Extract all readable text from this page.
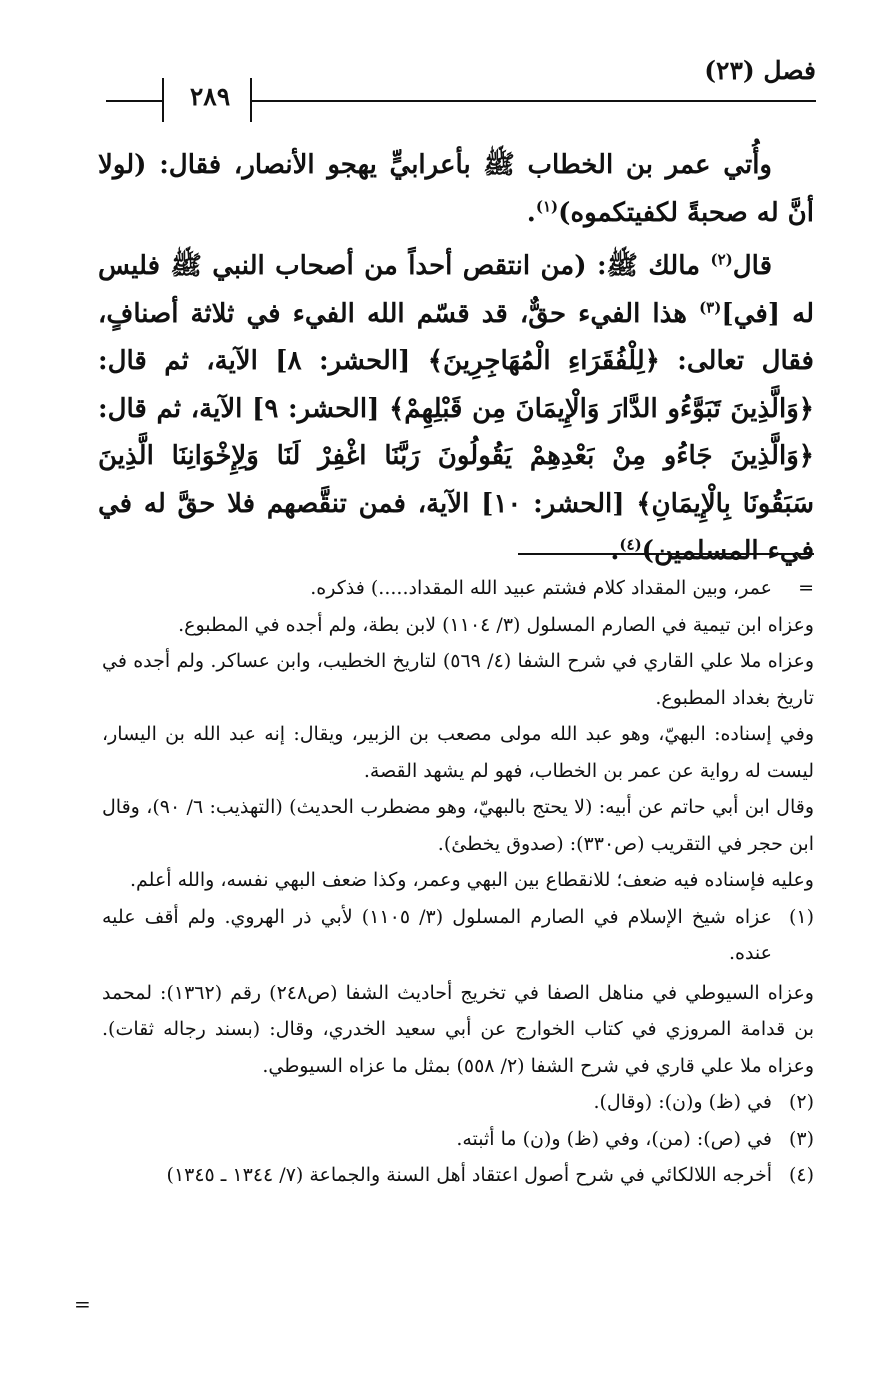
فصل (٢٣)
٢٨٩

وأُتي عمر بن الخطاب ﷺ بأعرابيٍّ يهجو الأنصار، فقال: (لولا أنَّ له صحبةً لكفيتكموه)$^{(١)}$.

قال$^{(٢)}$ مالك ﷺ: (من انتقص أحداً من أصحاب النبي ﷺ فليس له [في]$^{(٣)}$ هذا الفيء حقٌّ، قد قسّم الله الفيء في ثلاثة أصنافٍ، فقال تعالى: ﴿لِلْفُقَرَاءِ الْمُهَاجِرِينَ﴾ [الحشر: ٨] الآية، ثم قال: ﴿وَالَّذِينَ تَبَوَّءُو الدَّارَ وَالْإِيمَانَ مِن قَبْلِهِمْ﴾ [الحشر: ٩] الآية، ثم قال: ﴿وَالَّذِينَ جَاءُو مِنْ بَعْدِهِمْ يَقُولُونَ رَبَّنَا اغْفِرْ لَنَا وَلِإِخْوَانِنَا الَّذِينَ سَبَقُونَا بِالْإِيمَانِ﴾ [الحشر: ١٠] الآية، فمن تنقَّصهم فلا حقَّ له في فيء المسلمين)$^{(٤)}$.

=
عمر، وبين المقداد كلام فشتم عبيد الله المقداد.....) فذكره.
وعزاه ابن تيمية في الصارم المسلول (٣/ ١١٠٤) لابن بطة، ولم أجده في المطبوع.
وعزاه ملا علي القاري في شرح الشفا (٤/ ٥٦٩) لتاريخ الخطيب، وابن عساكر. ولم أجده في تاريخ بغداد المطبوع.
وفي إسناده: البهيّ، وهو عبد الله مولى مصعب بن الزبير، ويقال: إنه عبد الله بن اليسار، ليست له رواية عن عمر بن الخطاب، فهو لم يشهد القصة.
وقال ابن أبي حاتم عن أبيه: (لا يحتج بالبهيّ، وهو مضطرب الحديث) (التهذيب: ٦/ ٩٠)، وقال ابن حجر في التقريب (ص٣٣٠): (صدوق يخطئ).
وعليه فإسناده فيه ضعف؛ للانقطاع بين البهي وعمر، وكذا ضعف البهي نفسه، والله أعلم.
(١)
عزاه شيخ الإسلام في الصارم المسلول (٣/ ١١٠٥) لأبي ذر الهروي. ولم أقف عليه عنده.
وعزاه السيوطي في مناهل الصفا في تخريج أحاديث الشفا (ص٢٤٨) رقم (١٣٦٢): لمحمد بن قدامة المروزي في كتاب الخوارج عن أبي سعيد الخدري، وقال: (بسند رجاله ثقات). وعزاه ملا علي قاري في شرح الشفا (٢/ ٥٥٨) بمثل ما عزاه السيوطي.
(٢)
في (ظ) و(ن): (وقال).
(٣)
في (ص): (من)، وفي (ظ) و(ن) ما أثبته.
(٤)
أخرجه اللالكائي في شرح أصول اعتقاد أهل السنة والجماعة (٧/ ١٣٤٤ ـ ١٣٤٥)
=
